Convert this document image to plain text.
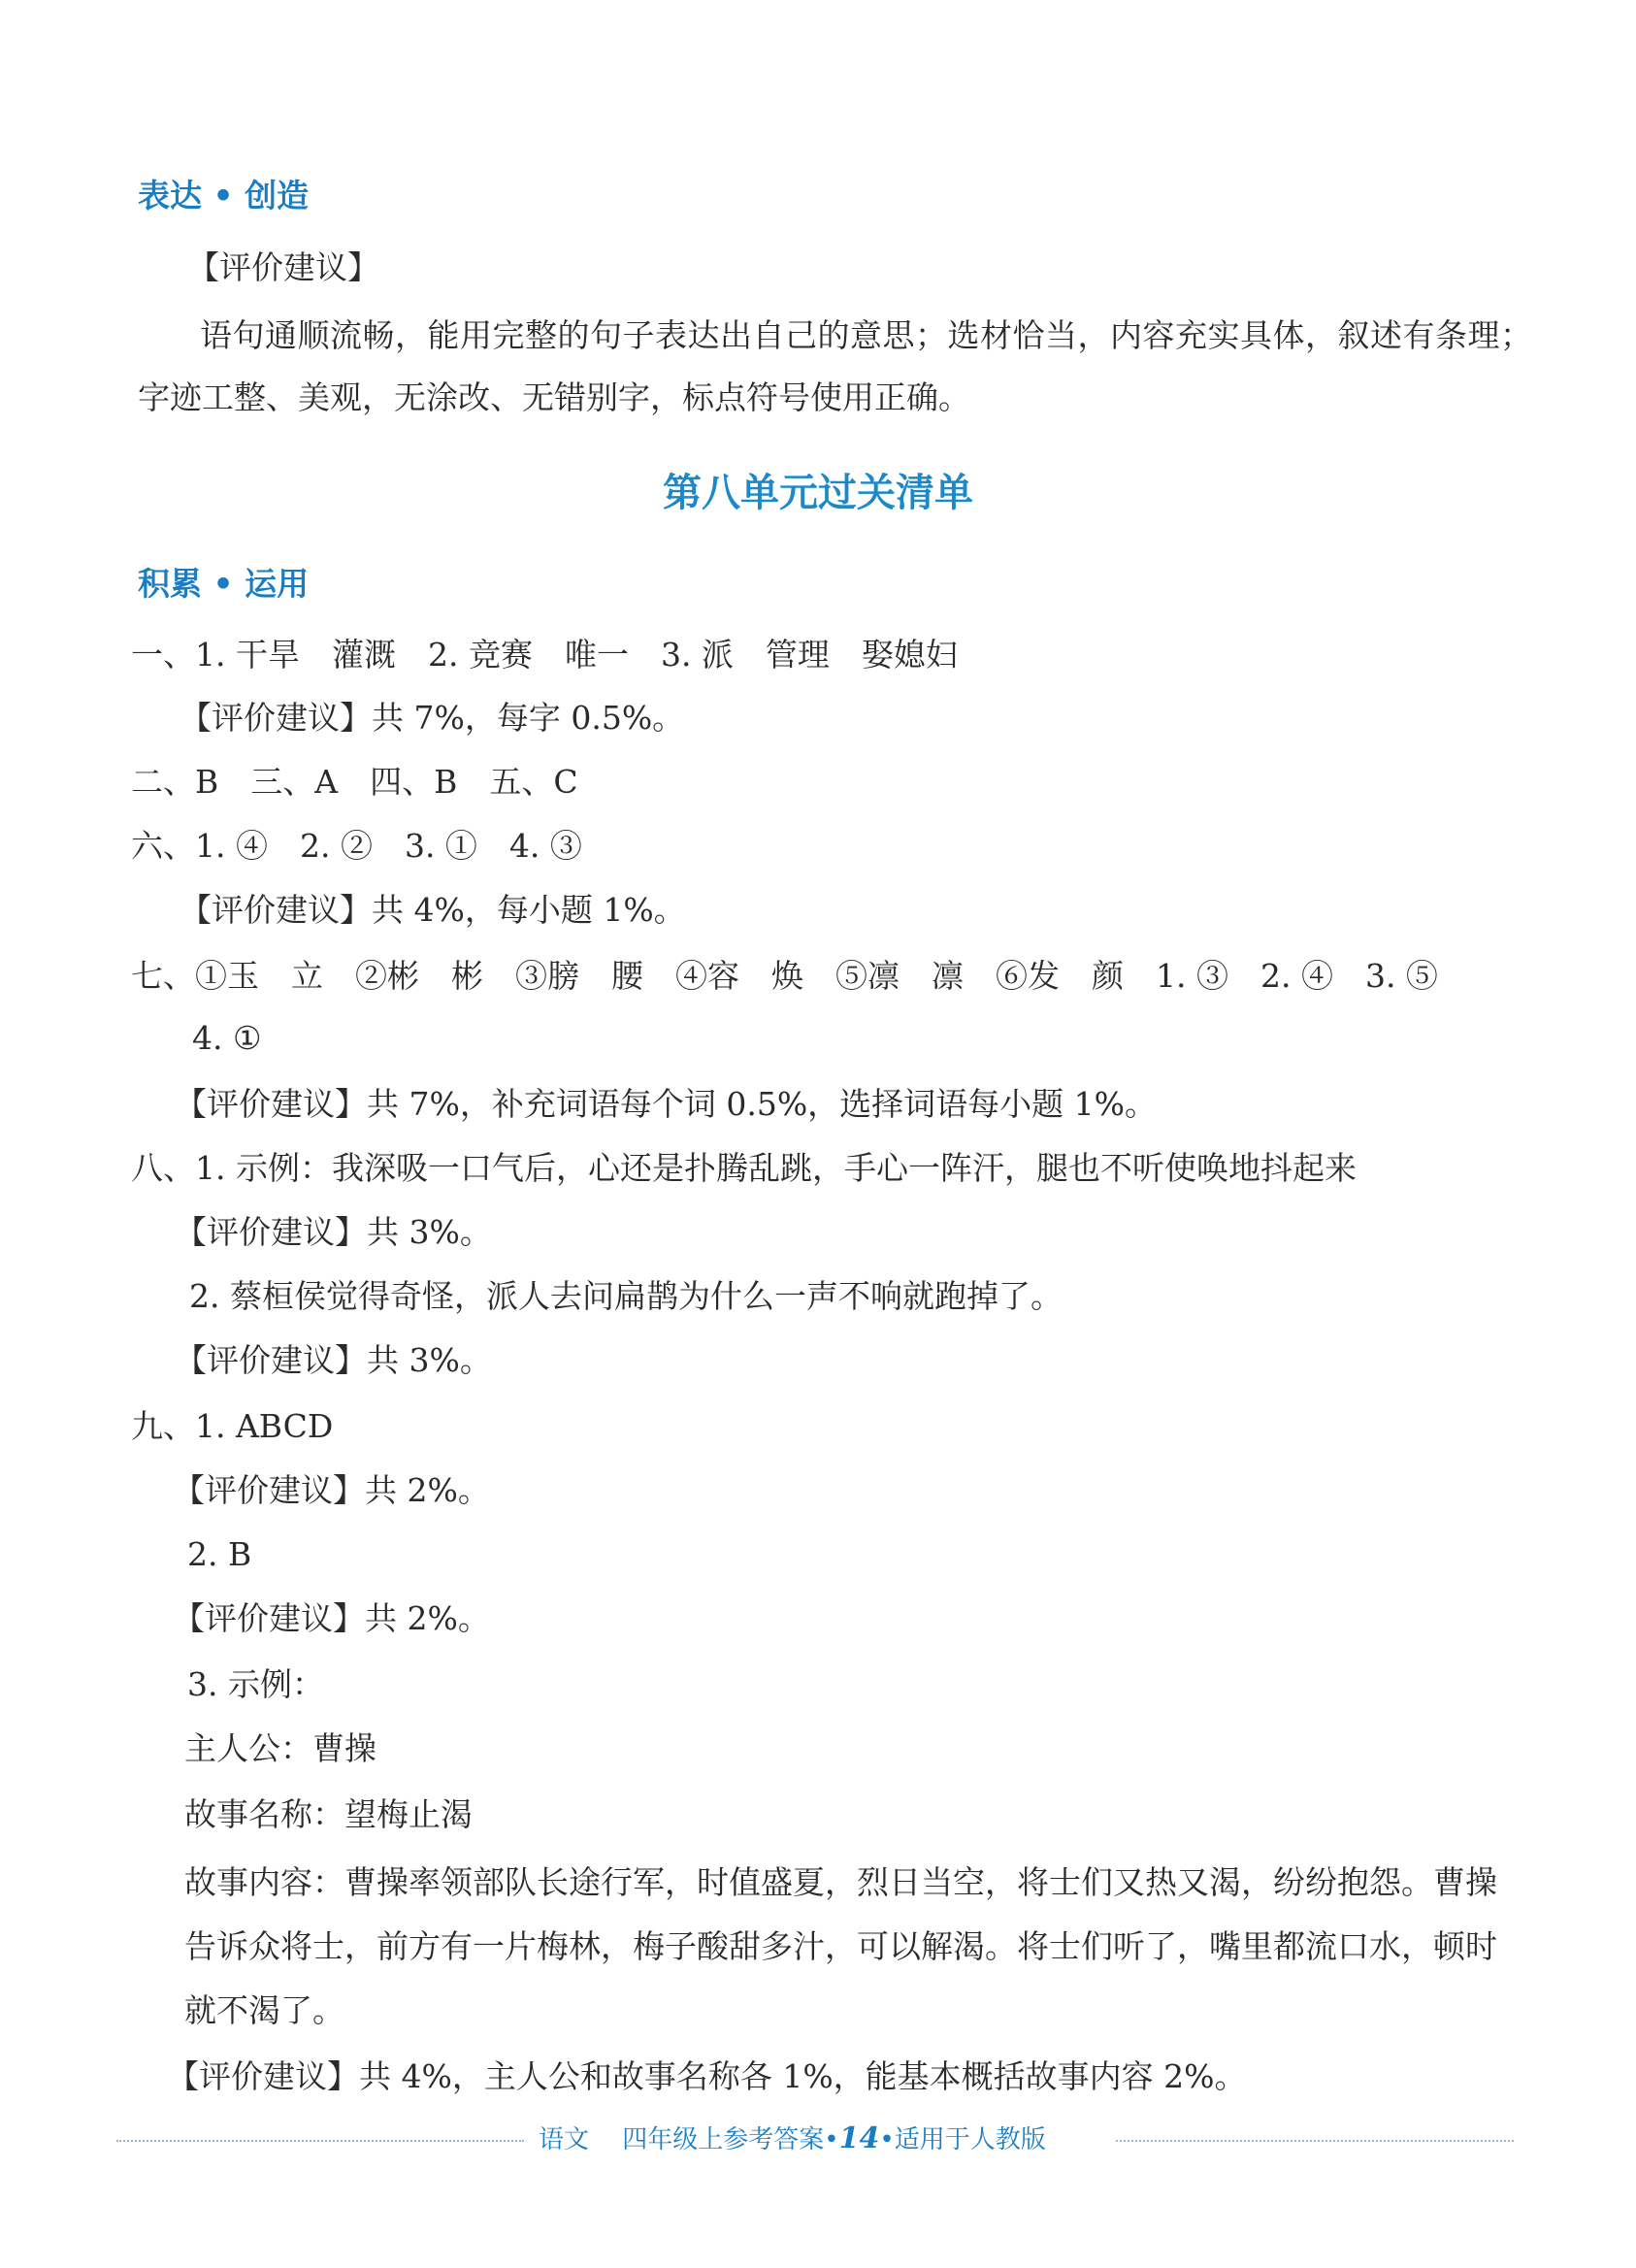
表达 • 创造
【评价建议】
语句通顺流畅，能用完整的句子表达出自己的意思；选材恰当，内容充实具体，叙述有条理；
字迹工整、美观，无涂改、无错别字，标点符号使用正确。
第八单元过关清单
积累 • 运用
一、1. 干旱　灌溉　2. 竞赛　唯一　3. 派　管理　娶媳妇
【评价建议】共 7%，每字 0.5%。
二、B　三、A　四、B　五、C
六、1. ④　2. ②　3. ①　4. ③
【评价建议】共 4%，每小题 1%。
七、①玉　立　②彬　彬　③膀　腰　④容　焕　⑤凛　凛　⑥发　颜　1. ③　2. ④　3. ⑤
4. ①
【评价建议】共 7%，补充词语每个词 0.5%，选择词语每小题 1%。
八、1. 示例：我深吸一口气后，心还是扑腾乱跳，手心一阵汗，腿也不听使唤地抖起来
【评价建议】共 3%。
2. 蔡桓侯觉得奇怪，派人去问扁鹊为什么一声不响就跑掉了。
【评价建议】共 3%。
九、1. ABCD
【评价建议】共 2%。
2. B
【评价建议】共 2%。
3. 示例：
主人公：曹操
故事名称：望梅止渴
故事内容：曹操率领部队长途行军，时值盛夏，烈日当空，将士们又热又渴，纷纷抱怨。曹操
告诉众将士，前方有一片梅林，梅子酸甜多汁，可以解渴。将士们听了，嘴里都流口水，顿时
就不渴了。
【评价建议】共 4%，主人公和故事名称各 1%，能基本概括故事内容 2%。
语文 四年级上参考答案•14•适用于人教版
